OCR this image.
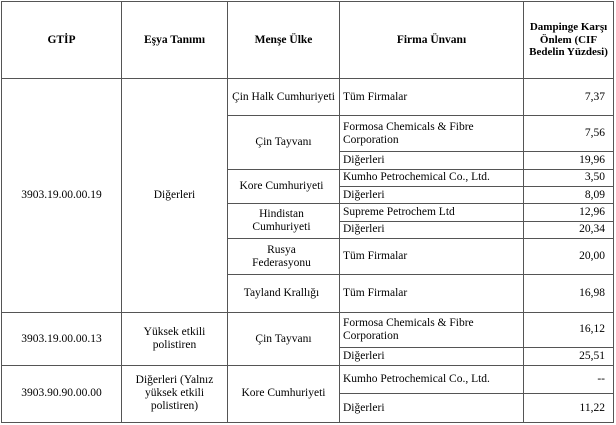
GTİP	Eşya Tanımı	Menşe Ülke	Firma Ünvanı	Dampinge Karşı Önlem (CIF Bedelin Yüzdesi)
3903.19.00.00.19	Diğerleri	Çin Halk Cumhuriyeti	Tüm Firmalar	7,37
		Çin Tayvanı	Formosa Chemicals & Fibre Corporation	7,56
			Diğerleri	19,96
		Kore Cumhuriyeti	Kumho Petrochemical Co., Ltd.	3,50
			Diğerleri	8,09
		Hindistan Cumhuriyeti	Supreme Petrochem Ltd	12,96
			Diğerleri	20,34
		Rusya Federasyonu	Tüm Firmalar	20,00
		Tayland Krallığı	Tüm Firmalar	16,98
3903.19.00.00.13	Yüksek etkili polistiren	Çin Tayvanı	Formosa Chemicals & Fibre Corporation	16,12
			Diğerleri	25,51
3903.90.90.00.00	Diğerleri (Yalnız yüksek etkili polistiren)	Kore Cumhuriyeti	Kumho Petrochemical Co., Ltd.	--
			Diğerleri	11,22
